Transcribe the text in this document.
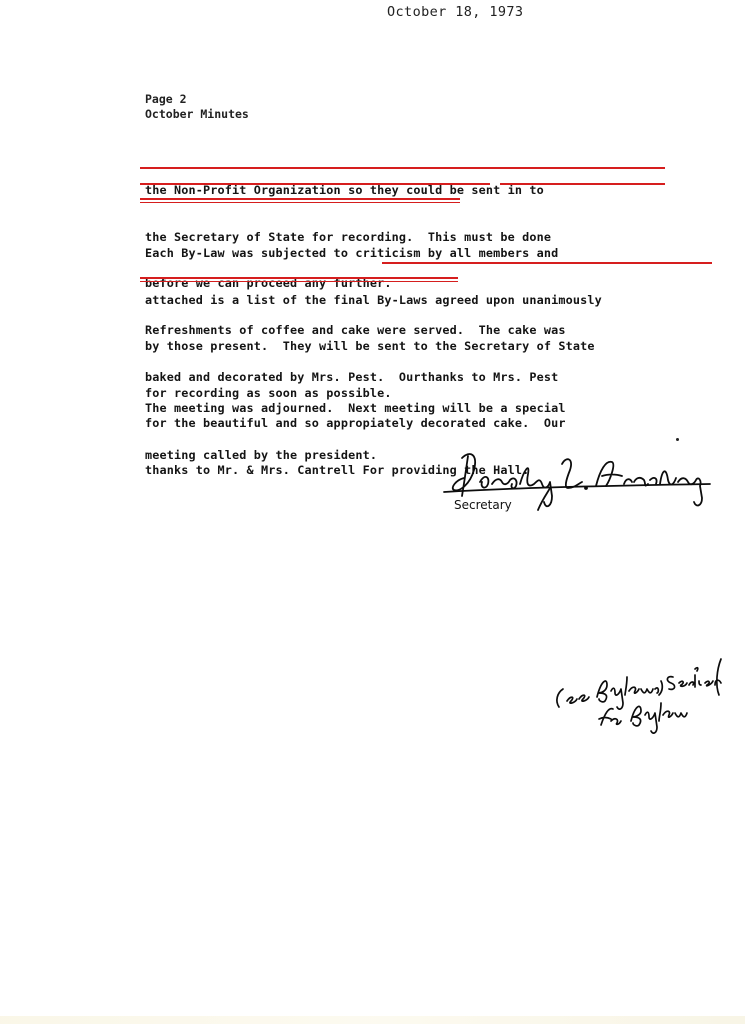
October 18, 1973
Page 2
October Minutes

the Non-Profit Organization so they could be sent in to

the Secretary of State for recording.  This must be done

before we can proceed any further.

Each By-Law was subjected to criticism by all members and

attached is a list of the final By-Laws agreed upon unanimously

by those present.  They will be sent to the Secretary of State

for recording as soon as possible.

Refreshments of coffee and cake were served.  The cake was

baked and decorated by Mrs. Pest.  Ourthanks to Mrs. Pest

for the beautiful and so appropiately decorated cake.  Our

thanks to Mr. & Mrs. Cantrell For providing the Hall.

The meeting was adjourned.  Next meeting will be a special

meeting called by the president.

Secretary
